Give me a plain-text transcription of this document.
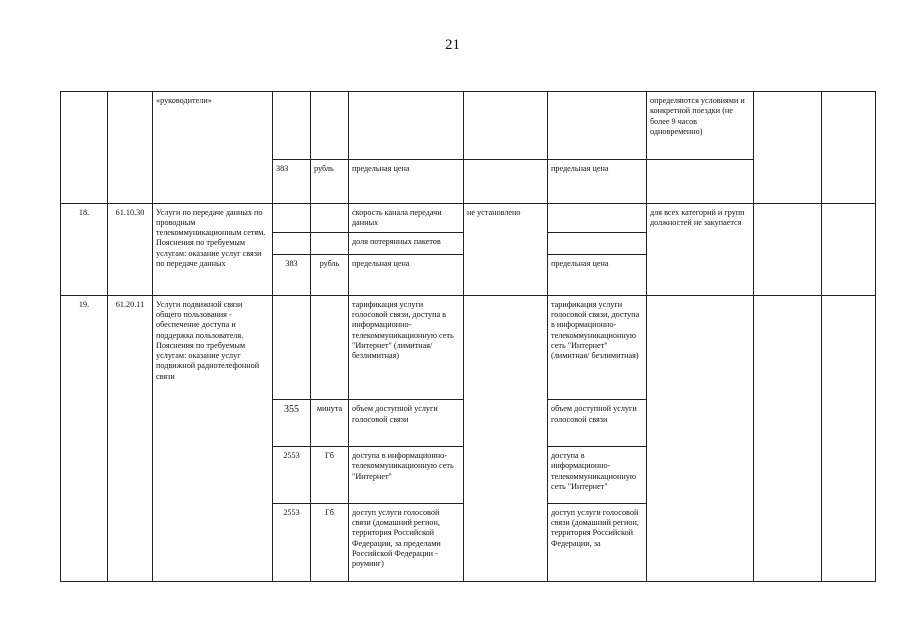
21
		«руководители»						определяются условиями и конкретной поездки (не более 9 часов одновременно)		
			383	рубль	предельная цена		предельная цена			
18.	61.10.30	Услуги по передаче данных по проводным телекоммуникационным сетям. Пояснения по требуемым услугам: оказание услуг связи по передаче данных			скорость канала передачи данных	не установлено		для всех категорий и групп должностей не закупается		
					доля потерянных пакетов					
			383	рубль	предельная цена		предельная цена			
19.	61.20.11	Услуги подвижной связи общего пользования - обеспечение доступа и поддержка пользователя. Пояснения по требуемым услугам: оказание услуг подвижной радиотелефонной связи			тарификация услуги голосовой связи, доступа в информационно-телекоммуникационную сеть "Интернет" (лимитная/ безлимитная)		тарификация услуги голосовой связи, доступа в информационно-телекоммуникационную сеть "Интернет" (лимитная/ безлимитная)			
			355	минута	объем доступной услуги голосовой связи		объем доступной услуги голосовой связи			
			2553	Гб	доступа в информационно-телекоммуникационную сеть "Интернет"		доступа в информационно-телекоммуникационную сеть "Интернет"			
			2553	Гб	доступ услуги голосовой связи (домашний регион, территория Российской Федерации, за пределами Российской Федерации - роуминг)		доступ услуги голосовой связи (домашний регион, территория Российской Федерации, за			
